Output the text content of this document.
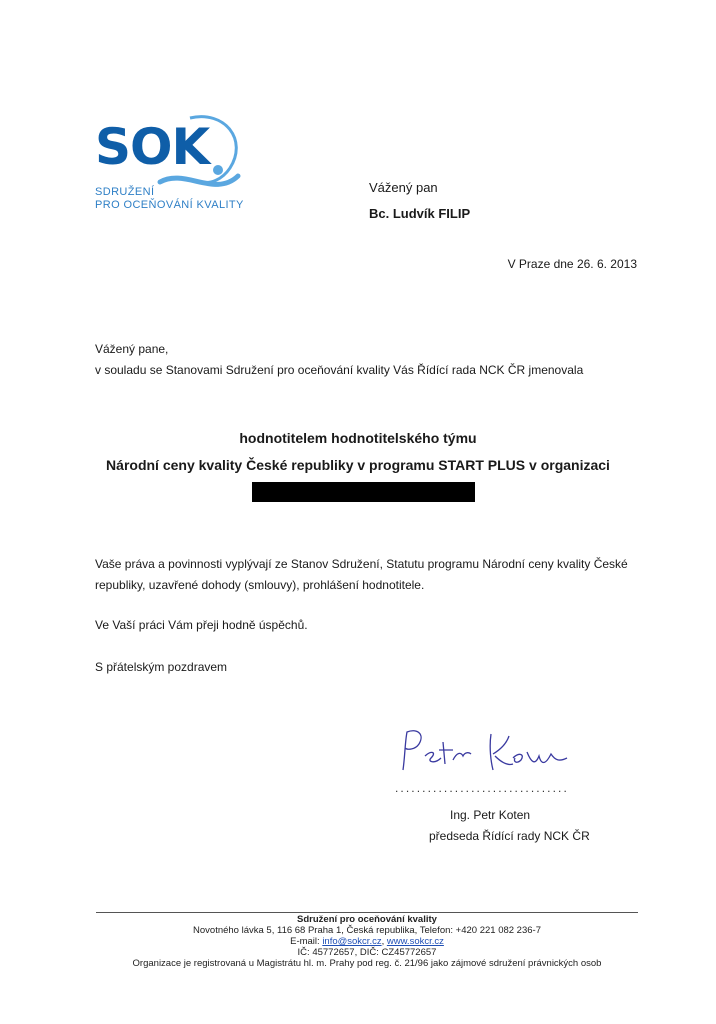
SOK
SDRUŽENÍ
PRO OCEŇOVÁNÍ KVALITY
Vážený pan
Bc. Ludvík FILIP
V Praze dne 26. 6. 2013
Vážený pane,
v souladu se Stanovami Sdružení pro oceňování kvality Vás Řídící rada NCK ČR jmenovala
hodnotitelem hodnotitelského týmu
Národní ceny kvality České republiky v programu START PLUS v organizaci
Vaše práva a povinnosti vyplývají ze Stanov Sdružení, Statutu programu Národní ceny kvality České republiky, uzavřené dohody (smlouvy), prohlášení hodnotitele.
Ve Vaší práci Vám přeji hodně úspěchů.
S přátelským pozdravem
................................
Ing. Petr Koten
předseda Řídící rady NCK ČR
Sdružení pro oceňování kvality
Novotného lávka 5, 116 68 Praha 1, Česká republika, Telefon: +420 221 082 236-7
E-mail: info@sokcr.cz, www.sokcr.cz
IČ: 45772657, DIČ: CZ45772657
Organizace je registrovaná u Magistrátu hl. m. Prahy pod reg. č. 21/96 jako zájmové sdružení právnických osob
